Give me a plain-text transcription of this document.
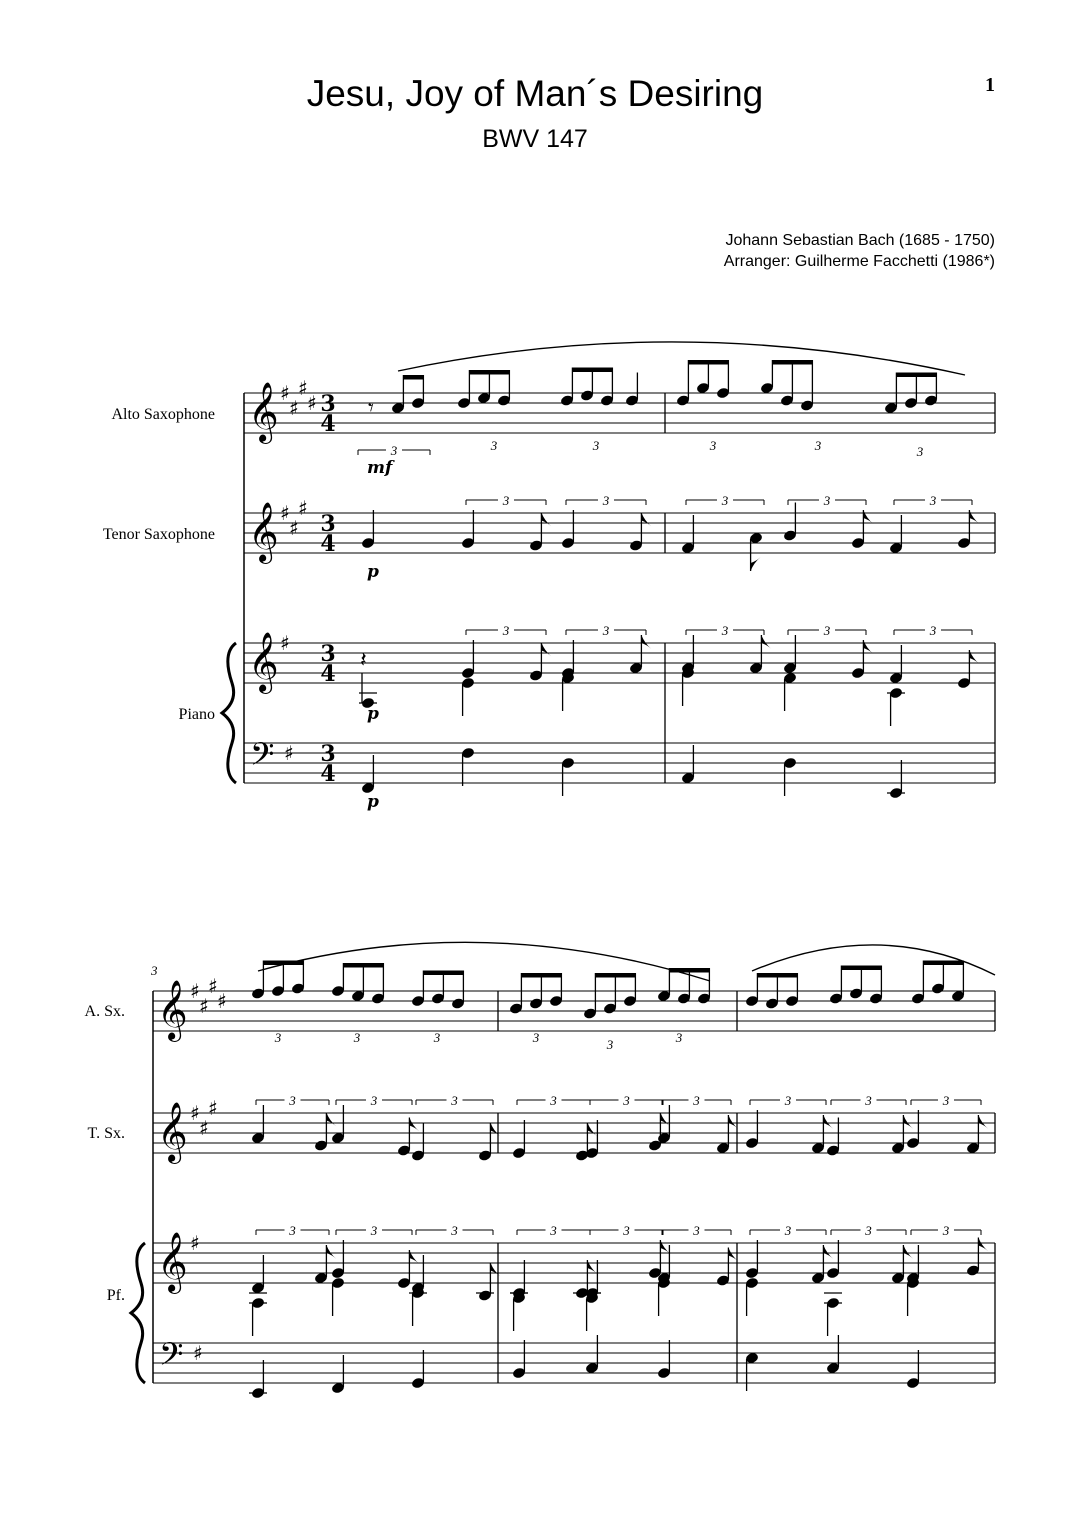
Jesu, Joy of Man´s Desiring
BWV 147
1
Johann Sebastian Bach (1685 - 1750)
Arranger: Guilherme Facchetti (1986*)
Alto Saxophone
Tenor Saxophone
Piano
A. Sx.
T. Sx.
Pf.
3
𝄞 ♯
♯
♯
♯ 3
4
𝄞 ♯
♯
♯
3
4
𝄞 ♯ 3
4
𝄢 ♯ 3
4
𝄾
3	3	3
mf
3	3	3
3	3
p
3	3	3
𝄽
3	3
p
3	3	3
p
𝄞 ♯
♯
♯
♯
𝄞 ♯
♯
♯
𝄞 ♯
𝄢 ♯
3	3	3	3	3	3
3	3	3	3	3	3	3	3	3
3	3	3	3	3	3	3	3	3
